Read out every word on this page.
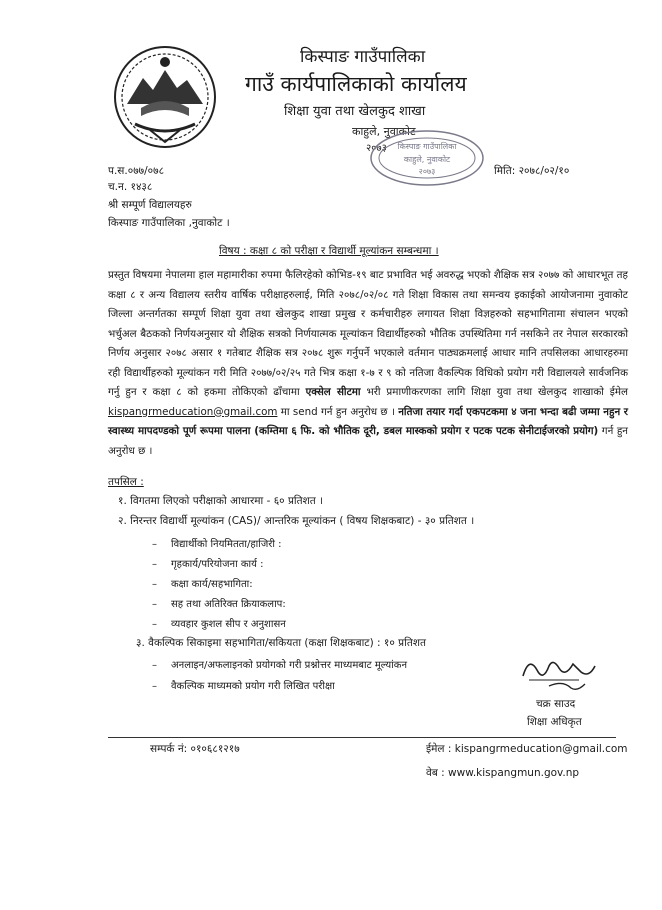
किस्पाङ गाउँपालिका
गाउँ कार्यपालिकाको कार्यालय
शिक्षा युवा तथा खेलकुद शाखा
काहुले, नुवाकोट
२०७३ किस्पाङ गाउँपालिका
काहुले, नुवाकोट
२०७३
प.स.०७७/०७८
च.न. १४३८
मिति: २०७८/०२/१०
श्री सम्पूर्ण विद्यालयहरु
किस्पाङ गाउँपालिका ,नुवाकोट ।
विषय : कक्षा ८ को परीक्षा र विद्यार्थी मूल्यांकन सम्बन्धमा ।

प्रस्तुत विषयमा नेपालमा हाल महामारीका रुपमा फैलिरहेको कोभिड-१९ बाट प्रभावित भई अवरुद्ध भएको शैक्षिक सत्र २०७७ को आधारभूत तह कक्षा ८ र अन्य विद्यालय स्तरीय वार्षिक परीक्षाहरुलाई, मिति २०७८/०२/०८ गते शिक्षा विकास तथा समन्वय इकाईको आयोजनामा नुवाकोट जिल्ला अन्तर्गतका सम्पूर्ण शिक्षा युवा तथा खेलकुद शाखा प्रमुख र कर्मचारीहरु लगायत शिक्षा विज्ञहरुको सहभागितामा संचालन भएको भर्चुअल बैठकको निर्णयअनुसार यो शैक्षिक सत्रको निर्णयात्मक मूल्यांकन विद्यार्थीहरुको भौतिक उपस्थितिमा गर्न नसकिने तर नेपाल सरकारको निर्णय अनुसार २०७८ असार १ गतेबाट शैक्षिक सत्र २०७८ शुरू गर्नुपर्ने भएकाले वर्तमान पाठ्यक्रमलाई आधार मानि तपसिलका आधारहरुमा रही विद्यार्थीहरुको मूल्यांकन गरी मिति २०७७/०२/२५ गते भित्र कक्षा १-७ र ९ को नतिजा वैकल्पिक विधिको प्रयोग गरी विद्यालयले सार्वजनिक गर्नु हुन र कक्षा ८ को हकमा तोकिएको ढाँचामा एक्सेल सीटमा भरी प्रमाणीकरणका लागि शिक्षा युवा तथा खेलकुद शाखाको ईमेल kispangrmeducation@gmail.com मा send गर्न हुन अनुरोध छ । नतिजा तयार गर्दा एकपटकमा ४ जना भन्दा बढी जम्मा नहुन र स्वास्थ्य मापदण्डको पूर्ण रूपमा पालना (कम्तिमा ६ फि. को भौतिक दूरी, डबल मास्कको प्रयोग र पटक पटक सेनीटाईजरको प्रयोग) गर्न हुन अनुरोध छ ।

तपसिल :
१. विगतमा लिएको परीक्षाको आधारमा - ६० प्रतिशत ।
२. निरन्तर विद्यार्थी मूल्यांकन (CAS)/ आन्तरिक मूल्यांकन ( विषय शिक्षकबाट) - ३० प्रतिशत ।
– विद्यार्थीको नियमितता/हाजिरी :
– गृहकार्य/परियोजना कार्य :
– कक्षा कार्य/सहभागिता:
– सह तथा अतिरिक्त क्रियाकलाप:
– व्यवहार कुशल सीप र अनुशासन
३. वैकल्पिक सिकाइमा सहभागिता/सकियता (कक्षा शिक्षकबाट) : १० प्रतिशत
– अनलाइन/अफलाइनको प्रयोगको गरी प्रश्नोत्तर माध्यमबाट मूल्यांकन
– वैकल्पिक माध्यमको प्रयोग गरी लिखित परीक्षा
चक्र साउद
शिक्षा अधिकृत
सम्पर्क नं: ०१०६८१२१७	ईमेल : kispangrmeducation@gmail.com
वेब : www.kispangmun.gov.np
